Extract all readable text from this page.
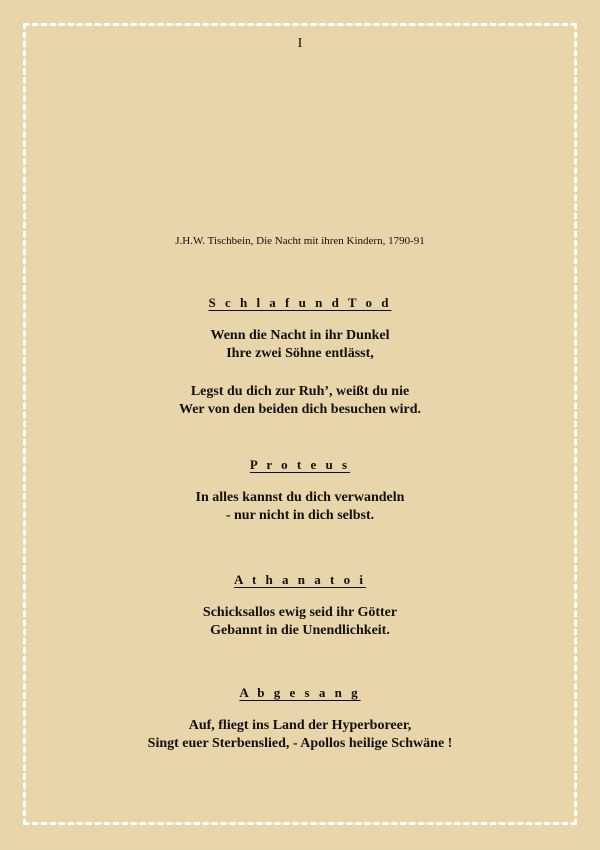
I
J.H.W. Tischbein, Die Nacht mit ihren Kindern, 1790-91
S c h l a f u n d T o d
Wenn die Nacht in ihr Dunkel
Ihre zwei Söhne entlässt,
Legst du dich zur Ruh’, weißt du nie
Wer von den beiden dich besuchen wird.
P r o t e u s
In alles kannst du dich verwandeln
- nur nicht in dich selbst.
A t h a n a t o i
Schicksallos ewig seid ihr Götter
Gebannt in die Unendlichkeit.
A b g e s a n g
Auf, fliegt ins Land der Hyperboreer,
Singt euer Sterbenslied, - Apollos heilige Schwäne !
